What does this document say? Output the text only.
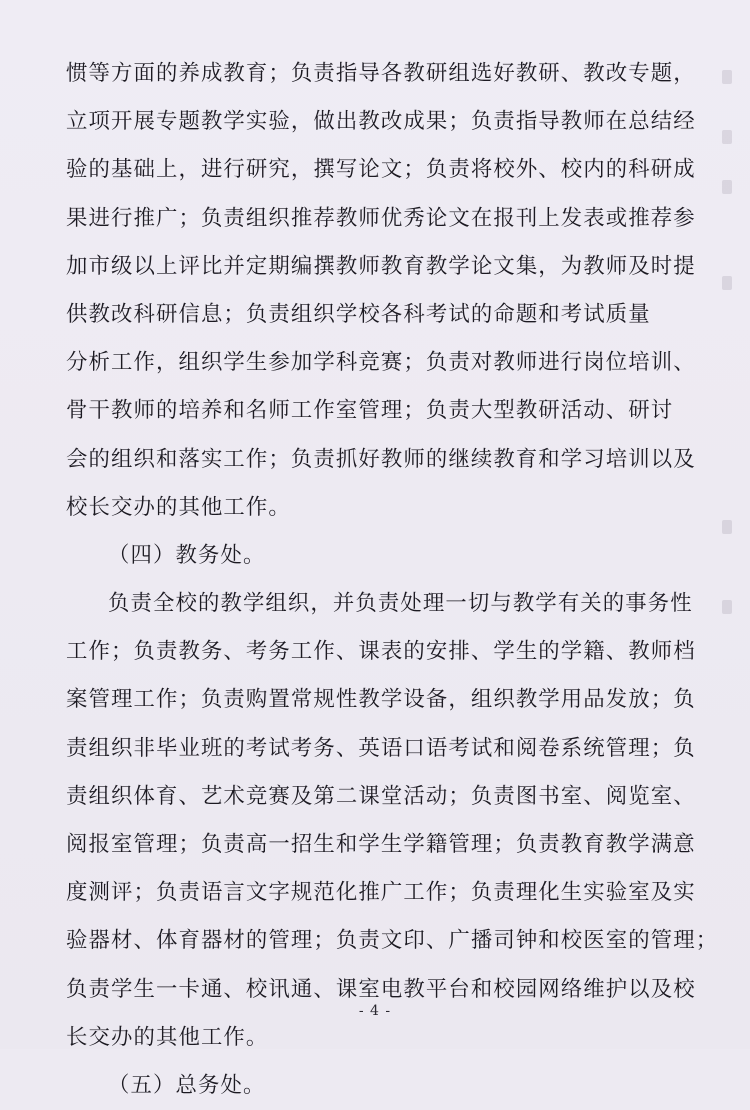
惯等方面的养成教育；负责指导各教研组选好教研、教改专题，
立项开展专题教学实验，做出教改成果；负责指导教师在总结经
验的基础上，进行研究，撰写论文；负责将校外、校内的科研成
果进行推广；负责组织推荐教师优秀论文在报刊上发表或推荐参
加市级以上评比并定期编撰教师教育教学论文集，为教师及时提
供教改科研信息；负责组织学校各科考试的命题和考试质量
分析工作，组织学生参加学科竞赛；负责对教师进行岗位培训、
骨干教师的培养和名师工作室管理；负责大型教研活动、研讨
会的组织和落实工作；负责抓好教师的继续教育和学习培训以及
校长交办的其他工作。
（四）教务处。
负责全校的教学组织，并负责处理一切与教学有关的事务性
工作；负责教务、考务工作、课表的安排、学生的学籍、教师档
案管理工作；负责购置常规性教学设备，组织教学用品发放；负
责组织非毕业班的考试考务、英语口语考试和阅卷系统管理；负
责组织体育、艺术竞赛及第二课堂活动；负责图书室、阅览室、
阅报室管理；负责高一招生和学生学籍管理；负责教育教学满意
度测评；负责语言文字规范化推广工作；负责理化生实验室及实
验器材、体育器材的管理；负责文印、广播司钟和校医室的管理；
负责学生一卡通、校讯通、课室电教平台和校园网络维护以及校
长交办的其他工作。
（五）总务处。
- 4 -
